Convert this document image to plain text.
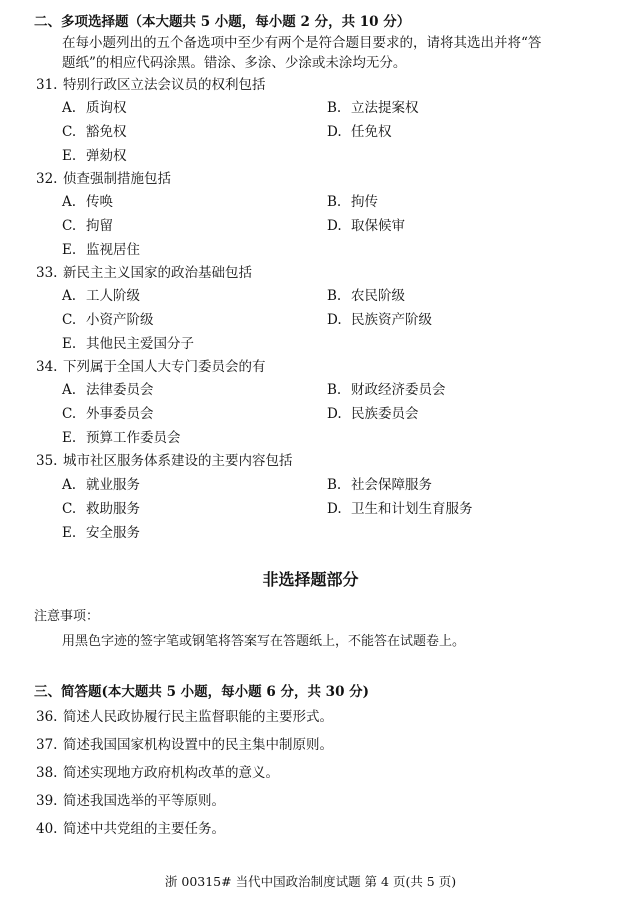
二、多项选择题（本大题共 5 小题，每小题 2 分，共 10 分）
在每小题列出的五个备选项中至少有两个是符合题目要求的，请将其选出并将“答
题纸”的相应代码涂黑。错涂、多涂、少涂或未涂均无分。
31. 特别行政区立法会议员的权利包括
A. 质询权	B. 立法提案权
C. 豁免权	D. 任免权
E. 弹劾权
32. 侦查强制措施包括
A. 传唤	B. 拘传
C. 拘留	D. 取保候审
E. 监视居住
33. 新民主主义国家的政治基础包括
A. 工人阶级	B. 农民阶级
C. 小资产阶级	D. 民族资产阶级
E. 其他民主爱国分子
34. 下列属于全国人大专门委员会的有
A. 法律委员会	B. 财政经济委员会
C. 外事委员会	D. 民族委员会
E. 预算工作委员会
35. 城市社区服务体系建设的主要内容包括
A. 就业服务	B. 社会保障服务
C. 救助服务	D. 卫生和计划生育服务
E. 安全服务
非选择题部分
注意事项：
用黑色字迹的签字笔或钢笔将答案写在答题纸上，不能答在试题卷上。
三、简答题(本大题共 5 小题，每小题 6 分，共 30 分)
36. 简述人民政协履行民主监督职能的主要形式。
37. 简述我国国家机构设置中的民主集中制原则。
38. 简述实现地方政府机构改革的意义。
39. 简述我国选举的平等原则。
40. 简述中共党组的主要任务。
浙 00315# 当代中国政治制度试题 第 4 页(共 5 页)
